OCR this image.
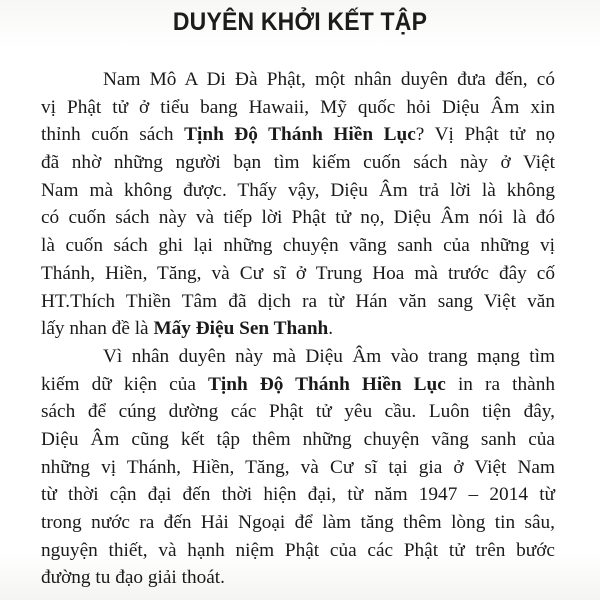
DUYÊN KHỞI KẾT TẬP
Nam Mô A Di Đà Phật, một nhân duyên đưa đến, có
vị Phật tử ở tiểu bang Hawaii, Mỹ quốc hỏi Diệu Âm xin
thỉnh cuốn sách Tịnh Độ Thánh Hiền Lục? Vị Phật tử nọ
đã nhờ những người bạn tìm kiếm cuốn sách này ở Việt
Nam mà không được. Thấy vậy, Diệu Âm trả lời là không
có cuốn sách này và tiếp lời Phật tử nọ, Diệu Âm nói là đó
là cuốn sách ghi lại những chuyện vãng sanh của những vị
Thánh, Hiền, Tăng, và Cư sĩ ở Trung Hoa mà trước đây cố
HT.Thích Thiền Tâm đã dịch ra từ Hán văn sang Việt văn
lấy nhan đề là Mấy Điệu Sen Thanh.
Vì nhân duyên này mà Diệu Âm vào trang mạng tìm
kiếm dữ kiện của Tịnh Độ Thánh Hiền Lục in ra thành
sách để cúng dường các Phật tử yêu cầu. Luôn tiện đây,
Diệu Âm cũng kết tập thêm những chuyện vãng sanh của
những vị Thánh, Hiền, Tăng, và Cư sĩ tại gia ở Việt Nam
từ thời cận đại đến thời hiện đại, từ năm 1947 – 2014 từ
trong nước ra đến Hải Ngoại để làm tăng thêm lòng tin sâu,
nguyện thiết, và hạnh niệm Phật của các Phật tử trên bước
đường tu đạo giải thoát.
